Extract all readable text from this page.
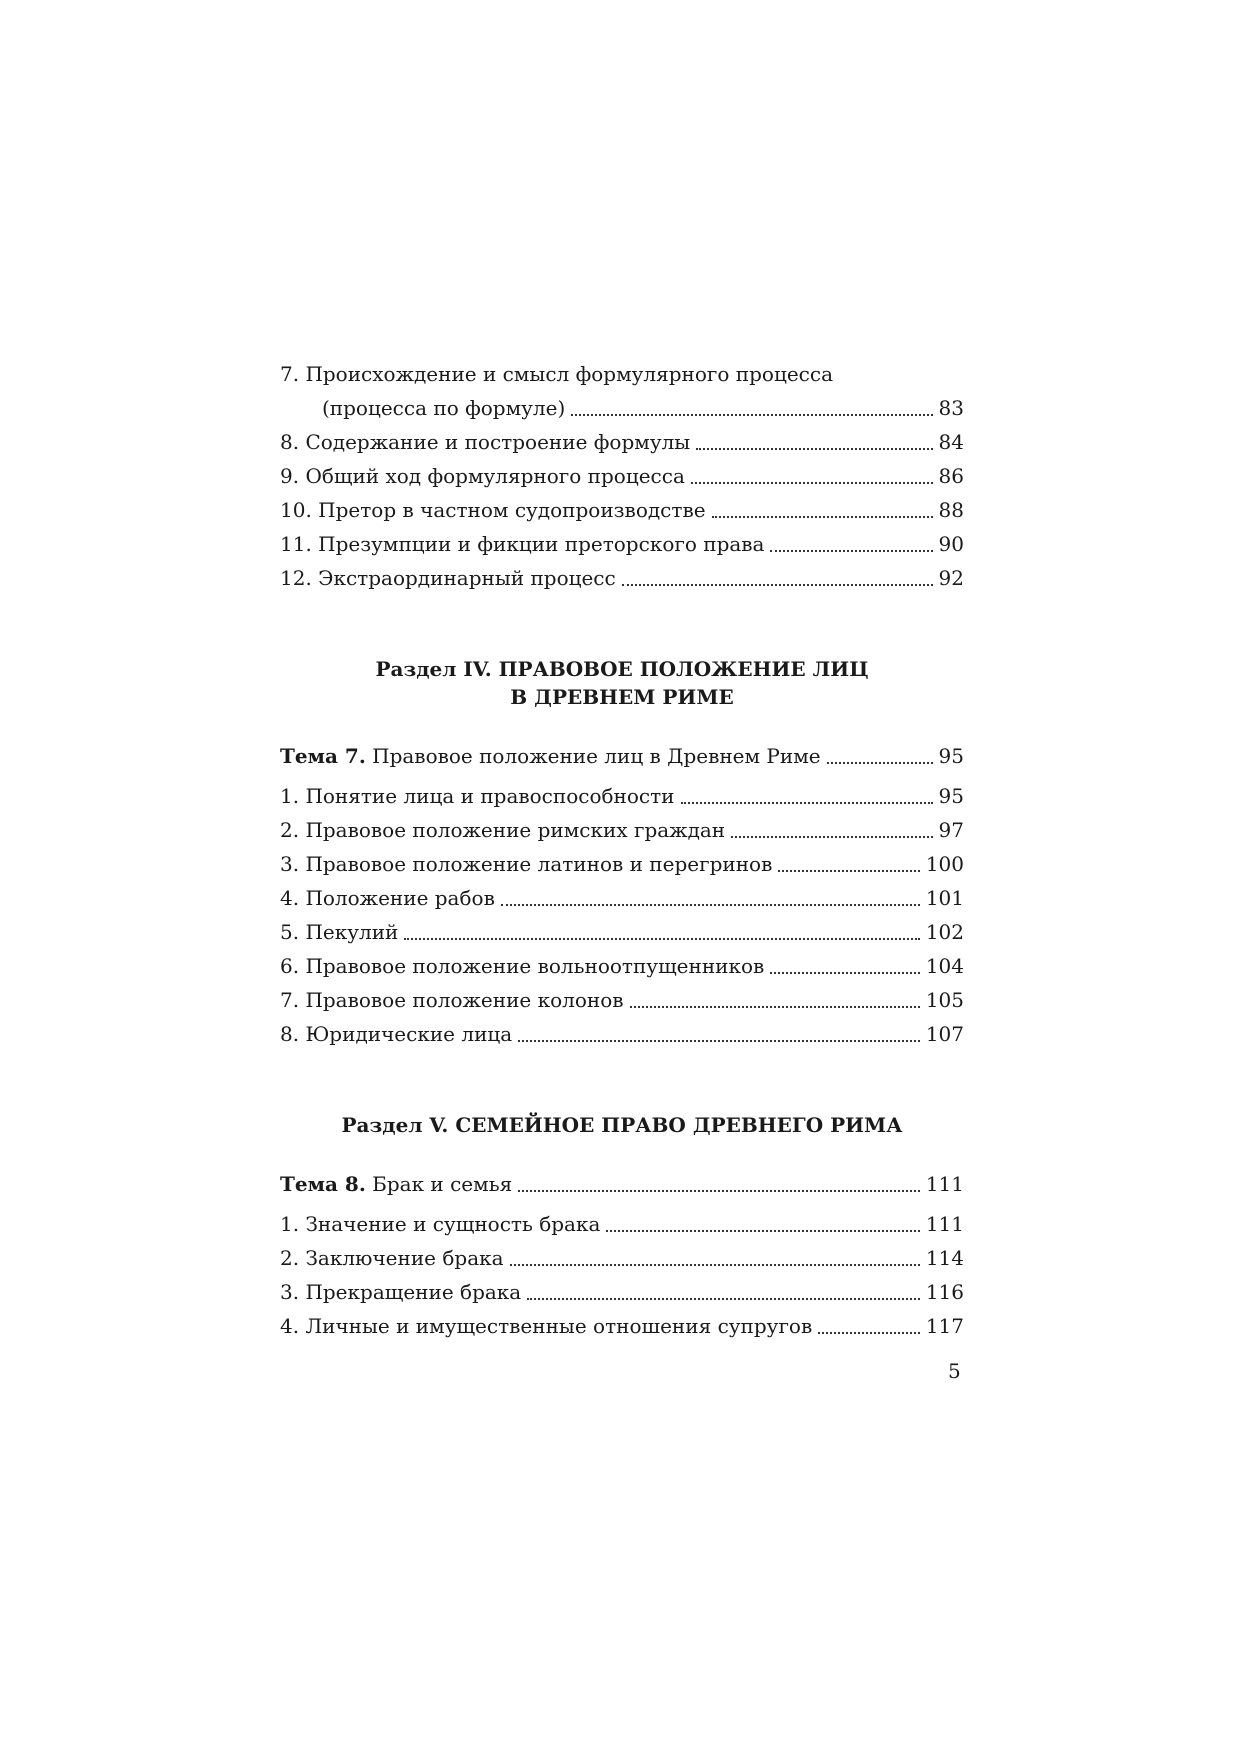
7. Происхождение и смысл формулярного процесса
(процесса по формуле)	83
8. Содержание и построение формулы	84
9. Общий ход формулярного процесса	86
10. Претор в частном судопроизводстве	88
11. Презумпции и фикции преторского права	90
12. Экстраординарный процесс	92
Раздел IV. ПРАВОВОЕ ПОЛОЖЕНИЕ ЛИЦ
В ДРЕВНЕМ РИМЕ
Тема 7. Правовое положение лиц в Древнем Риме	95
1. Понятие лица и правоспособности	95
2. Правовое положение римских граждан	97
3. Правовое положение латинов и перегринов	100
4. Положение рабов	101
5. Пекулий	102
6. Правовое положение вольноотпущенников	104
7. Правовое положение колонов	105
8. Юридические лица	107
Раздел V. СЕМЕЙНОЕ ПРАВО ДРЕВНЕГО РИМА
Тема 8. Брак и семья	111
1. Значение и сущность брака	111
2. Заключение брака	114
3. Прекращение брака	116
4. Личные и имущественные отношения супругов	117
5
